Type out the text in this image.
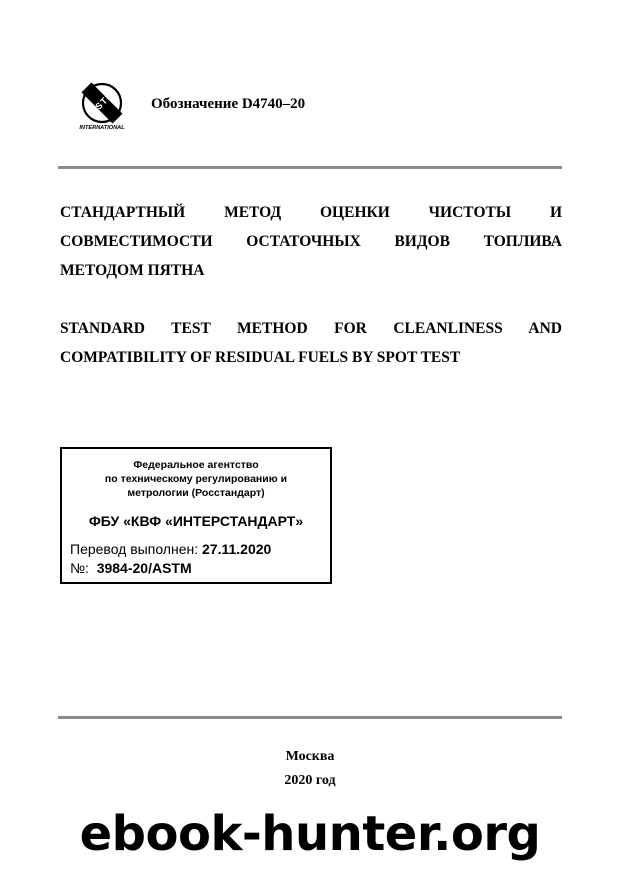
ASTM
INTERNATIONAL
Обозначение D4740–20
СТАНДАРТНЫЙ МЕТОД ОЦЕНКИ ЧИСТОТЫ И
СОВМЕСТИМОСТИ ОСТАТОЧНЫХ ВИДОВ ТОПЛИВА
МЕТОДОМ ПЯТНА
STANDARD TEST METHOD FOR CLEANLINESS AND
COMPATIBILITY OF RESIDUAL FUELS BY SPOT TEST
Федеральное агентство
по техническому регулированию и
метрологии (Росстандарт)
ФБУ «КВФ «ИНТЕРСТАНДАРТ»
Перевод выполнен: 27.11.2020
№: 3984-20/ASTM
Москва
2020 год
ebook-hunter.org
